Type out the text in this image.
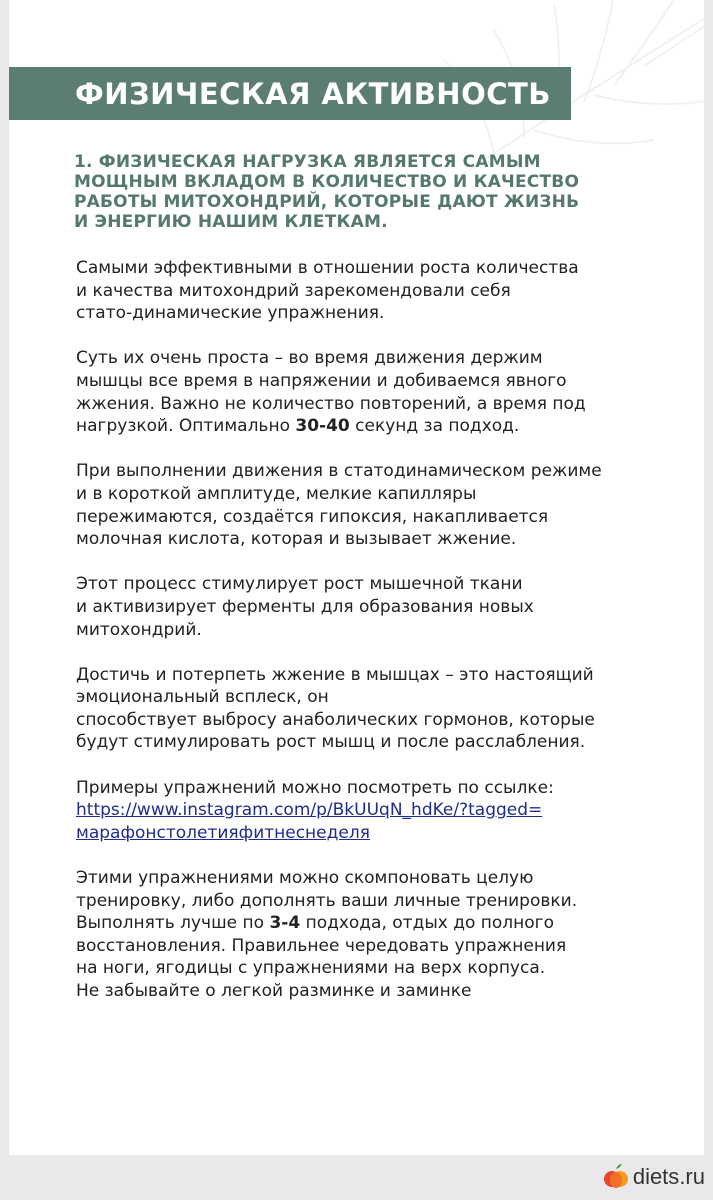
ФИЗИЧЕСКАЯ АКТИВНОСТЬ
1. ФИЗИЧЕСКАЯ НАГРУЗКА ЯВЛЯЕТСЯ САМЫМ
МОЩНЫМ ВКЛАДОМ В КОЛИЧЕСТВО И КАЧЕСТВО
РАБОТЫ МИТОХОНДРИЙ, КОТОРЫЕ ДАЮТ ЖИЗНЬ
И ЭНЕРГИЮ НАШИМ КЛЕТКАМ.

Самыми эффективными в отношении роста количества
и качества митохондрий зарекомендовали себя
стато-динамические упражнения.

Суть их очень проста – во время движения держим
мышцы все время в напряжении и добиваемся явного
жжения. Важно не количество повторений, а время под
нагрузкой. Оптимально 30-40 секунд за подход.

При выполнении движения в статодинамическом режиме
и в короткой амплитуде, мелкие капилляры
пережимаются, создаётся гипоксия, накапливается
молочная кислота, которая и вызывает жжение.

Этот процесс стимулирует рост мышечной ткани
и активизирует ферменты для образования новых
митохондрий.

Достичь и потерпеть жжение в мышцах – это настоящий
эмоциональный всплеск, он
способствует выбросу анаболических гормонов, которые
будут стимулировать рост мышц и после расслабления.

Примеры упражнений можно посмотреть по ссылке:
https://www.instagram.com/p/BkUUqN_hdKe/?tagged=
марафонстолетияфитнеснеделя

Этими упражнениями можно скомпоновать целую
тренировку, либо дополнять ваши личные тренировки.
Выполнять лучше по 3-4 подхода, отдых до полного
восстановления. Правильнее чередовать упражнения
на ноги, ягодицы с упражнениями на верх корпуса.
Не забывайте о легкой разминке и заминке

diets.ru
